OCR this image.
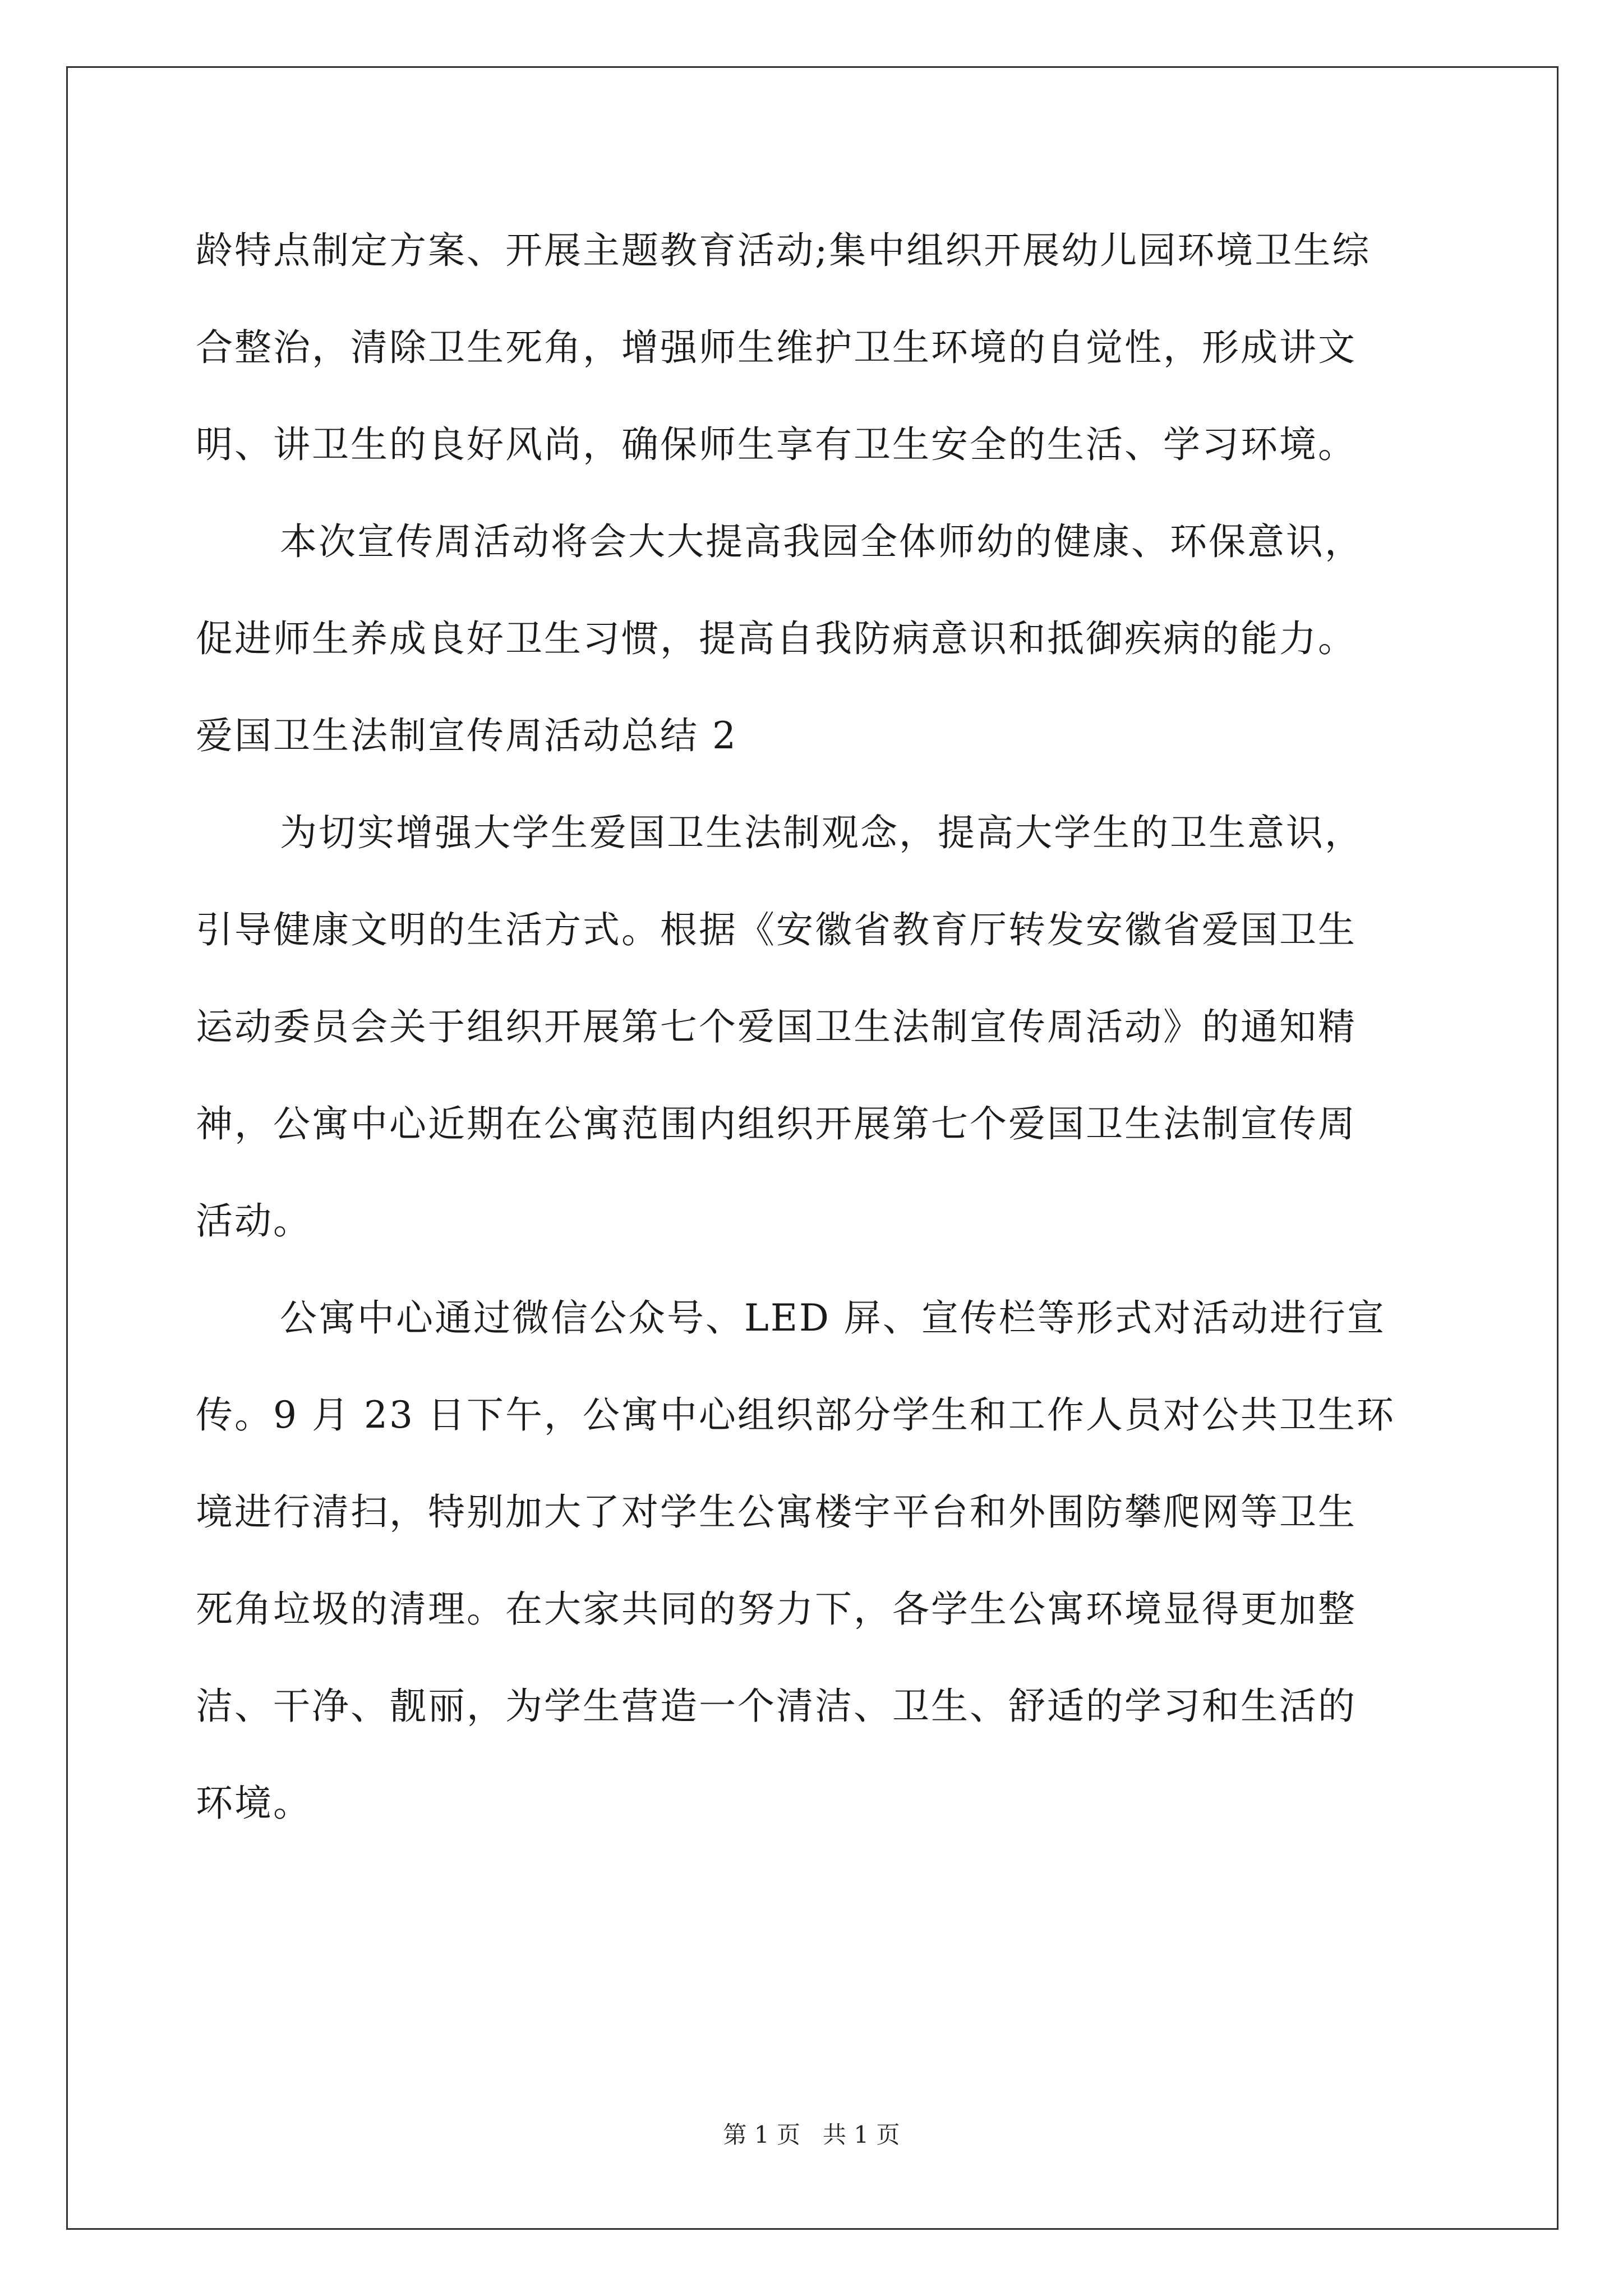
龄特点制定方案、开展主题教育活动;集中组织开展幼儿园环境卫生综
合整治，清除卫生死角，增强师生维护卫生环境的自觉性，形成讲文
明、讲卫生的良好风尚，确保师生享有卫生安全的生活、学习环境。
本次宣传周活动将会大大提高我园全体师幼的健康、环保意识，
促进师生养成良好卫生习惯，提高自我防病意识和抵御疾病的能力。
爱国卫生法制宣传周活动总结 2
为切实增强大学生爱国卫生法制观念，提高大学生的卫生意识，
引导健康文明的生活方式。根据《安徽省教育厅转发安徽省爱国卫生
运动委员会关于组织开展第七个爱国卫生法制宣传周活动》的通知精
神，公寓中心近期在公寓范围内组织开展第七个爱国卫生法制宣传周
活动。
公寓中心通过微信公众号、LED 屏、宣传栏等形式对活动进行宣
传。9 月 23 日下午，公寓中心组织部分学生和工作人员对公共卫生环
境进行清扫，特别加大了对学生公寓楼宇平台和外围防攀爬网等卫生
死角垃圾的清理。在大家共同的努力下，各学生公寓环境显得更加整
洁、干净、靓丽，为学生营造一个清洁、卫生、舒适的学习和生活的
环境。
第 1 页 共 1 页
